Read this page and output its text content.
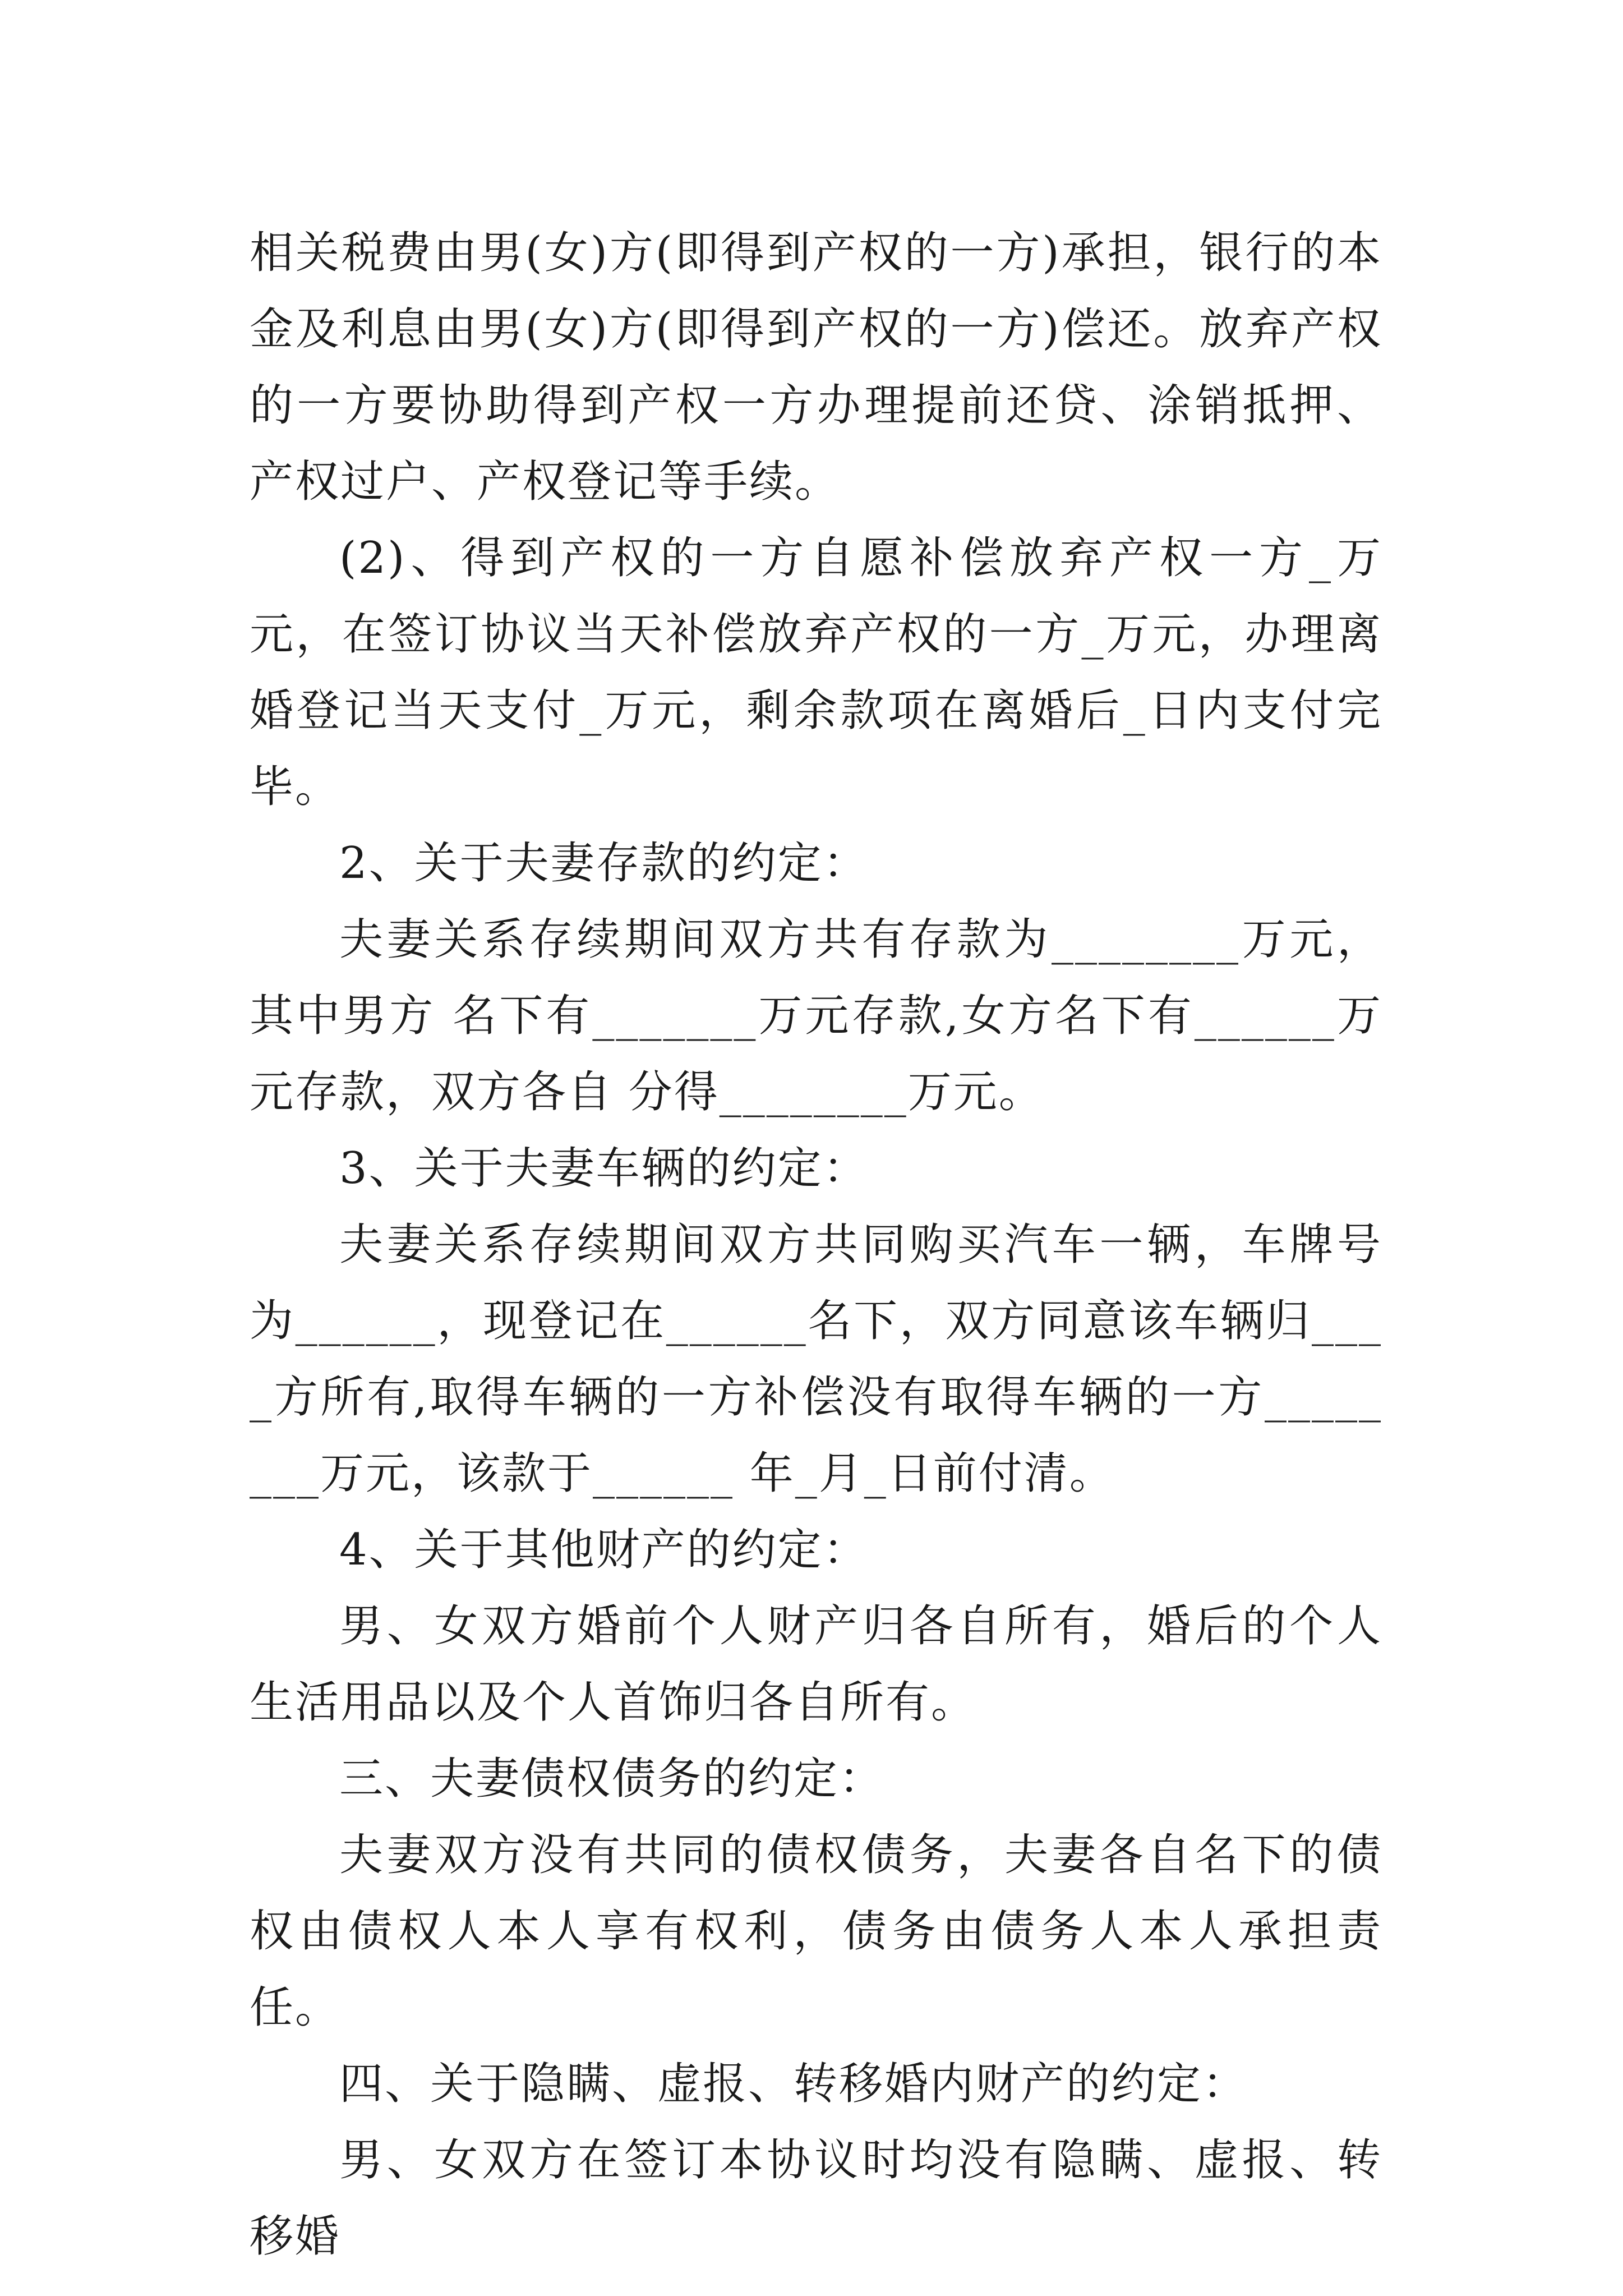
相关税费由男(女)方(即得到产权的一方)承担，银行的本金及利息由男(女)方(即得到产权的一方)偿还。放弃产权的一方要协助得到产权一方办理提前还贷、涂销抵押、产权过户、产权登记等手续。

(2)、得到产权的一方自愿补偿放弃产权一方_万元，在签订协议当天补偿放弃产权的一方_万元，办理离婚登记当天支付_万元，剩余款项在离婚后_日内支付完毕。

2、关于夫妻存款的约定：

夫妻关系存续期间双方共有存款为________万元，其中男方 名下有_______万元存款,女方名下有______万元存款，双方各自 分得________万元。

3、关于夫妻车辆的约定：

夫妻关系存续期间双方共同购买汽车一辆，车牌号为______，现登记在______名下，双方同意该车辆归____方所有,取得车辆的一方补偿没有取得车辆的一方________万元，该款于______ 年_月_日前付清。

4、关于其他财产的约定：

男、女双方婚前个人财产归各自所有，婚后的个人生活用品以及个人首饰归各自所有。

三、夫妻债权债务的约定：

夫妻双方没有共同的债权债务，夫妻各自名下的债权由债权人本人享有权利，债务由债务人本人承担责任。

四、关于隐瞒、虚报、转移婚内财产的约定：

男、女双方在签订本协议时均没有隐瞒、虚报、转移婚
